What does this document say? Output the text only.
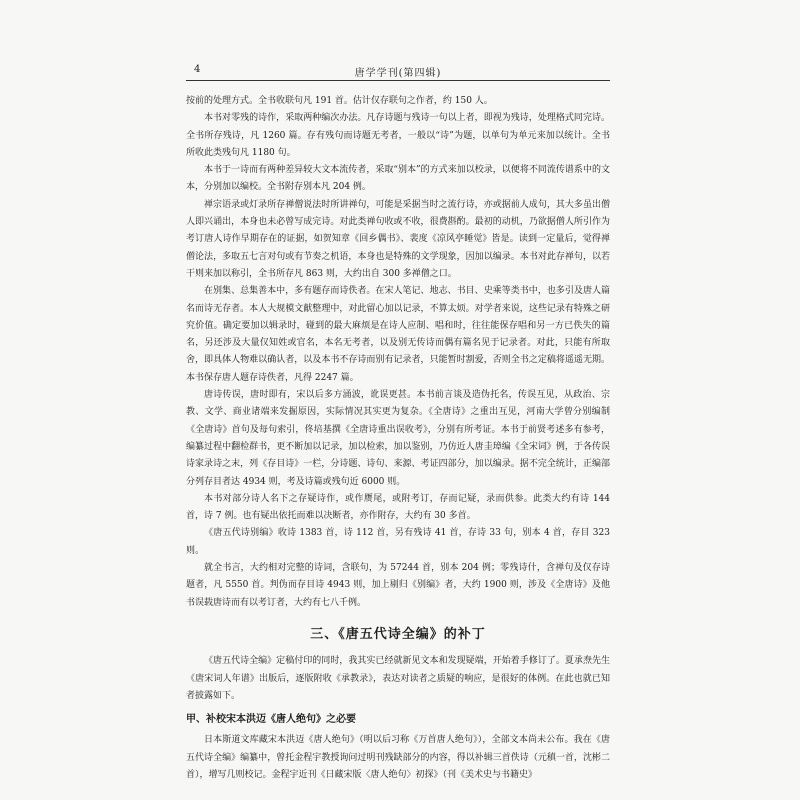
4	唐学学刊(第四辑)

按前的处理方式。全书收联句凡 191 首。估计仅存联句之作者，约 150 人。

本书对零残的诗作，采取两种编次办法。凡存诗题与残诗一句以上者，即视为残诗，处理格式同完诗。全书所存残诗，凡 1260 篇。存有残句而诗题无考者，一般以“诗”为题，以单句为单元来加以统计。全书所收此类残句凡 1180 句。

本书于一诗而有两种差异较大文本流传者，采取“别本”的方式来加以校录，以便将不同流传谱系中的文本，分别加以编校。全书附存别本凡 204 例。

禅宗语录或灯录所存禅僧说法时所讲禅句，可能是采据当时之流行诗，亦或据前人成句，其大多虽出僧人即兴诵出，本身也未必曾写成完诗。对此类禅句收或不收，很费斟酌。最初的动机，乃欲据僧人所引作为考订唐人诗作早期存在的证据，如贺知章《回乡偶书》、裴度《凉风亭睡觉》皆是。读到一定量后，觉得禅僧论法，多取五七言对句或有节奏之机语，本身也是特殊的文学现象，因加以编录。本书对此存禅句，以若干则来加以称引，全书所存凡 863 则，大约出自 300 多禅僧之口。

在别集、总集善本中，多有题存而诗佚者。在宋人笔记、地志、书目、史乘等类书中，也多引及唐人篇名而诗无存者。本人大规模文献整理中，对此留心加以记录，不算太烦。对学者来说，这些记录有特殊之研究价值。确定要加以辑录时，碰到的最大麻烦是在诗人应制、唱和时，往往能保存唱和另一方已佚失的篇名，另还涉及大量仅知姓或官名，本名无考者，以及别无传诗而偶有篇名见于记录者。对此，只能有所取舍，即具体人物难以确认者，以及本书不存诗而别有记录者，只能暂时割爱，否则全书之定稿将遥遥无期。本书保存唐人题存诗佚者，凡得 2247 篇。

唐诗传误，唐时即有，宋以后多方涌波，讹误更甚。本书前言谈及造伪托名，传误互见，从政治、宗教、文学、商业诸端来发掘原因，实际情况其实更为复杂。《全唐诗》之重出互见，河南大学曾分别编制《全唐诗》首句及每句索引，佟培基撰《全唐诗重出误收考》，分别有所考证。本书于前贤考述多有参考，编纂过程中翻检群书，更不断加以记录，加以检索，加以鉴别，乃仿近人唐圭璋编《全宋词》例，于各传误诗家录诗之末，列《存目诗》一栏，分诗题、诗句、来源、考证四部分，加以编录。据不完全统计，正编部分列存目者达 4934 则，考及诗篇或残句近 6000 则。

本书对部分诗人名下之存疑诗作，或作赝尾，或附考订，存而记疑，录而供参。此类大约有诗 144 首，诗 7 例。也有疑出依托而难以决断者，亦作附存，大约有 30 多首。

《唐五代诗别编》收诗 1383 首，诗 112 首，另有残诗 41 首，存诗 33 句，别本 4 首，存目 323 则。

就全书言，大约相对完整的诗词，含联句，为 57244 首，别本 204 例；零残诗什，含禅句及仅存诗题者，凡 5550 首。判伪而存目诗 4943 则，加上剔归《别编》者，大约 1900 则，涉及《全唐诗》及他书误载唐诗而有以考订者，大约有七八千例。

三、《唐五代诗全编》的补丁

《唐五代诗全编》定稿付印的同时，我其实已经就新见文本和发现疑端，开始着手修订了。夏承焘先生《唐宋词人年谱》出版后，逐版附收《承教录》，表达对读者之质疑的响应，是很好的体例。在此也就已知者披露如下。

甲、补校宋本洪迈《唐人绝句》之必要

日本斯道文库藏宋本洪迈《唐人绝句》（明以后习称《万首唐人绝句》），全部文本尚未公布。我在《唐五代诗全编》编纂中，曾托金程宇教授询问过明刊残缺部分的内容，得以补辑三首佚诗（元稹一首，沈彬二首），增写几则校记。金程宇近刊《日藏宋版〈唐人绝句〉初探》（刊《美术史与书籍史》
